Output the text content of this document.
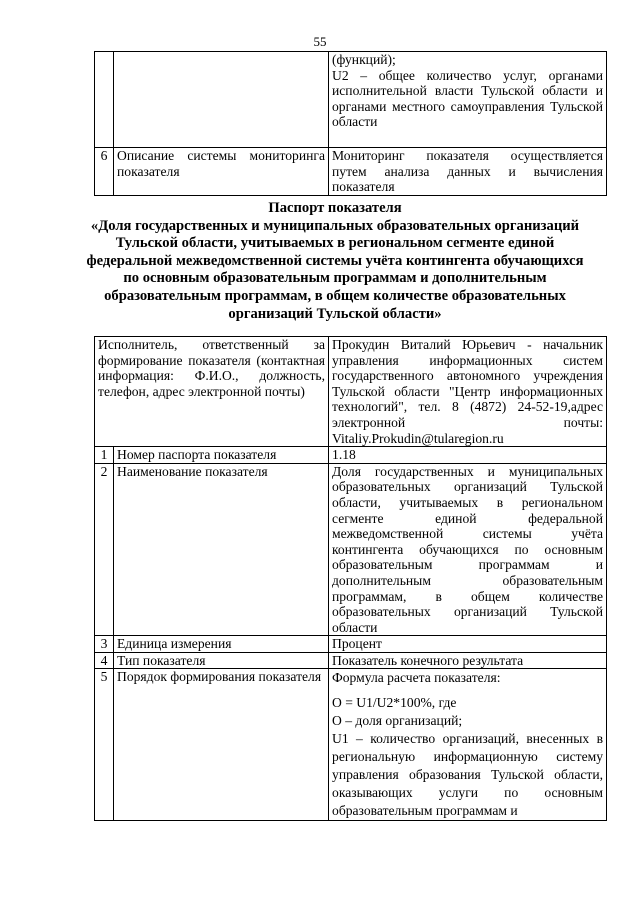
55
		(функций);
U2 – общее количество услуг, органами исполнительной власти Тульской области и органами местного самоуправления Тульской области
6	Описание системы мониторинга показателя	Мониторинг показателя осуществляется путем анализа данных и вычисления показателя
Паспорт показателя
«Доля государственных и муниципальных образовательных организаций Тульской области, учитываемых в региональном сегменте единой федеральной межведомственной системы учёта контингента обучающихся по основным образовательным программам и дополнительным образовательным программам, в общем количестве образовательных организаций Тульской области»
Исполнитель, ответственный за формирование показателя (контактная информация: Ф.И.О., должность, телефон, адрес электронной почты)		Прокудин Виталий Юрьевич - начальник управления информационных систем государственного автономного учреждения Тульской области "Центр информационных технологий", тел. 8 (4872) 24-52-19,адрес электронной почты: Vitaliy.Prokudin@tularegion.ru
1	Номер паспорта показателя	1.18
2	Наименование показателя	Доля государственных и муниципальных образовательных организаций Тульской области, учитываемых в региональном сегменте единой федеральной межведомственной системы учёта контингента обучающихся по основным образовательным программам и дополнительным образовательным программам, в общем количестве образовательных организаций Тульской области
3	Единица измерения	Процент
4	Тип показателя	Показатель конечного результата
5	Порядок формирования показателя	Формула расчета показателя:

O = U1/U2*100%, где

O – доля организаций;

U1 – количество организаций, внесенных в региональную информационную систему управления образования Тульской области, оказывающих услуги по основным образовательным программам и
